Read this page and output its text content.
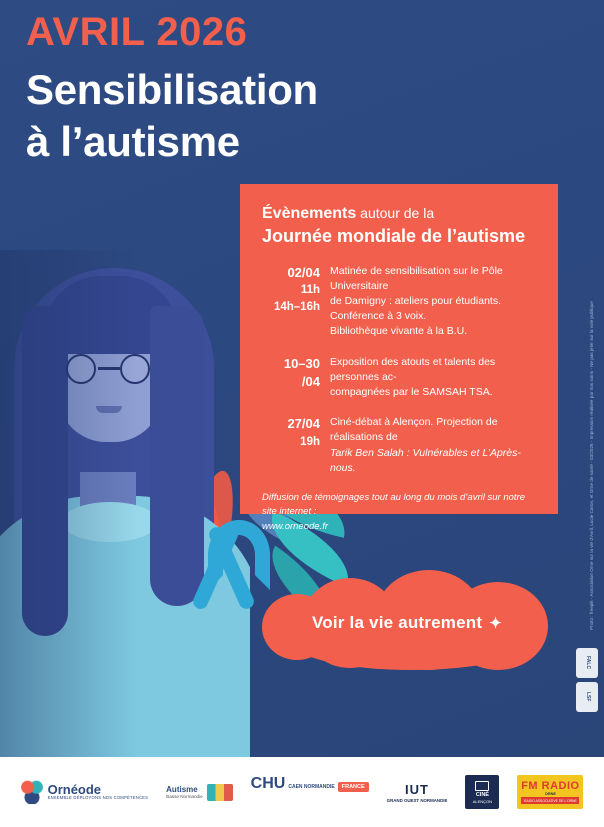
AVRIL 2026
Sensibilisation
à l’autisme
Évènements autour de la
Journée mondiale de l’autisme
02/04
11h
14h–16h
Matinée de sensibilisation sur le Pôle Universitaire
de Damigny : ateliers pour étudiants.
Conférence à 3 voix.
Bibliothèque vivante à la B.U.
10–30
/04
Exposition des atouts et talents des personnes ac-
compagnées par le SAMSAH TSA.
27/04
19h
Ciné-débat à Alençon. Projection de réalisations de
Tarik Ben Salah : Vulnérables et L’Après-nous.
Diffusion de témoignages tout au long du mois d’avril sur notre site internet :
www.orneode.fr
Voir la vie autrement ✦	Photo : freepik - Association Orne sur la vie d’Avril, Lucie Caron, et Orne de santé - 03/2026 - Impression réalisée par nos soins - Ne pas jeter sur la voie publique
FALC
LSF
Ornéode
ENSEMBLE DÉPLOYONS NOS COMPÉTENCES
Autisme
Basse Normandie
CHU CAEN NORMANDIE	FRANCE	IUT
GRAND OUEST NORMANDIE
CINÉ
ALENÇON
FM RADIO
ORNE
RADIO ASSOCIATIVE DE L’ORNE
